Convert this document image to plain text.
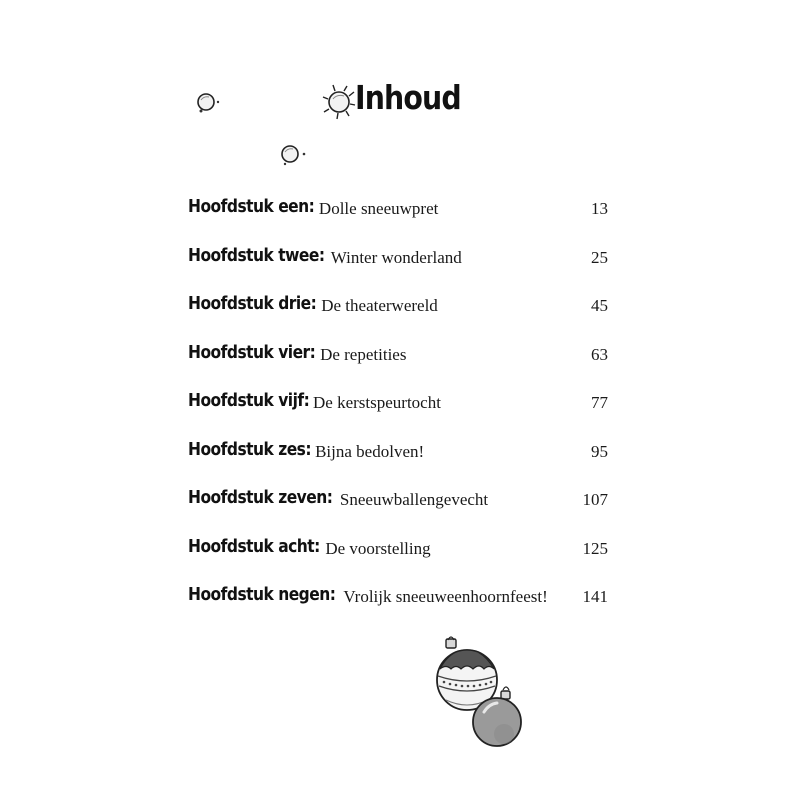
Inhoud
Hoofdstuk een: Dolle sneeuwpret	13
Hoofdstuk twee: Winter wonderland	25
Hoofdstuk drie: De theaterwereld	45
Hoofdstuk vier: De repetities	63
Hoofdstuk vijf: De kerstspeurtocht	77
Hoofdstuk zes: Bijna bedolven!	95
Hoofdstuk zeven: Sneeuwballengevecht	107
Hoofdstuk acht: De voorstelling	125
Hoofdstuk negen: Vrolijk sneeuweenhoornfeest! 141
